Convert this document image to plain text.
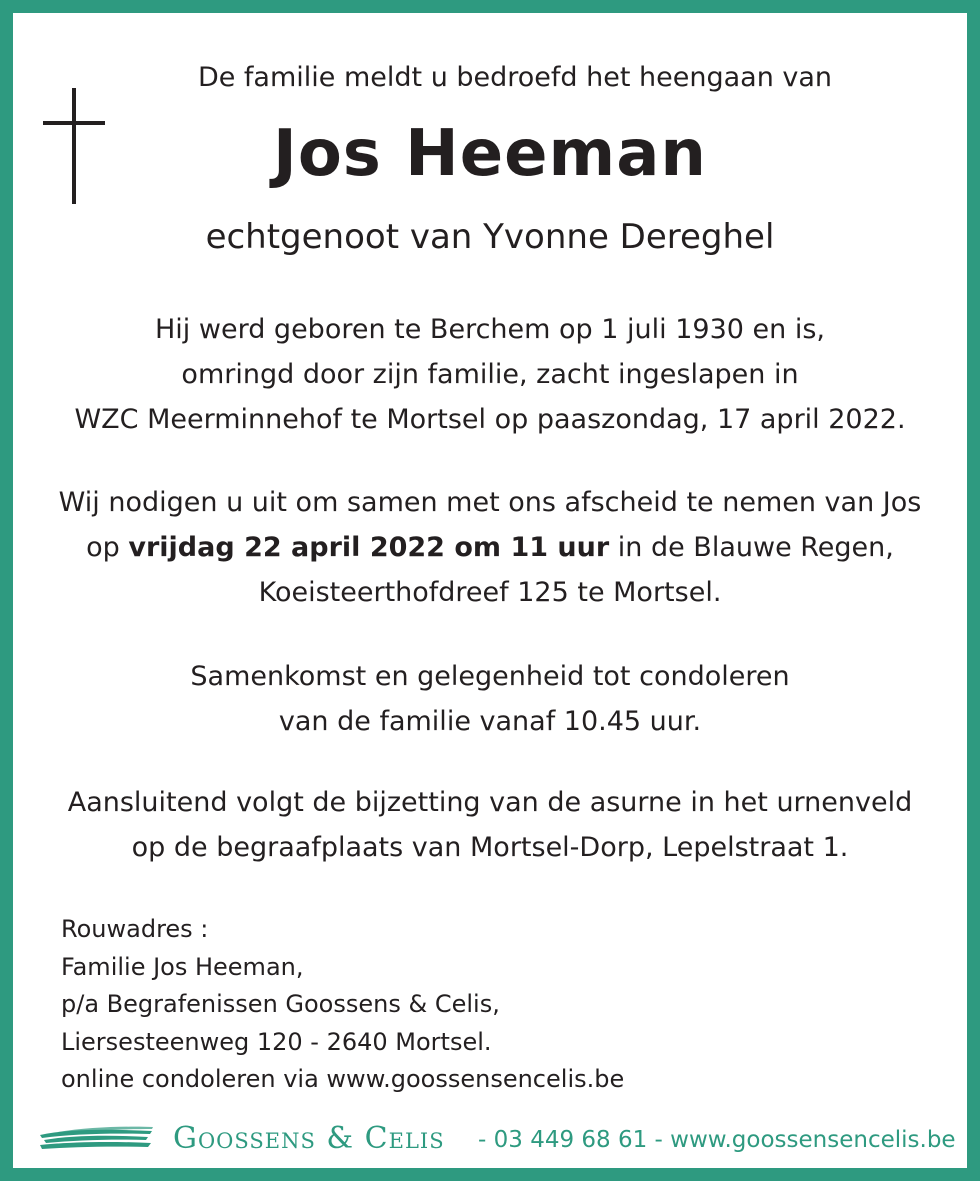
De familie meldt u bedroefd het heengaan van
Jos Heeman
echtgenoot van Yvonne Dereghel
Hij werd geboren te Berchem op 1 juli 1930 en is,
omringd door zijn familie, zacht ingeslapen in
WZC Meerminnehof te Mortsel op paaszondag, 17 april 2022.
Wij nodigen u uit om samen met ons afscheid te nemen van Jos
op vrijdag 22 april 2022 om 11 uur in de Blauwe Regen,
Koeisteerthofdreef 125 te Mortsel.
Samenkomst en gelegenheid tot condoleren
van de familie vanaf 10.45 uur.
Aansluitend volgt de bijzetting van de asurne in het urnenveld
op de begraafplaats van Mortsel-Dorp, Lepelstraat 1.
Rouwadres :
Familie Jos Heeman,
p/a Begrafenissen Goossens & Celis,
Liersesteenweg 120 - 2640 Mortsel.
online condoleren via www.goossensencelis.be
Goossens & Celis - 03 449 68 61 - www.goossensencelis.be
